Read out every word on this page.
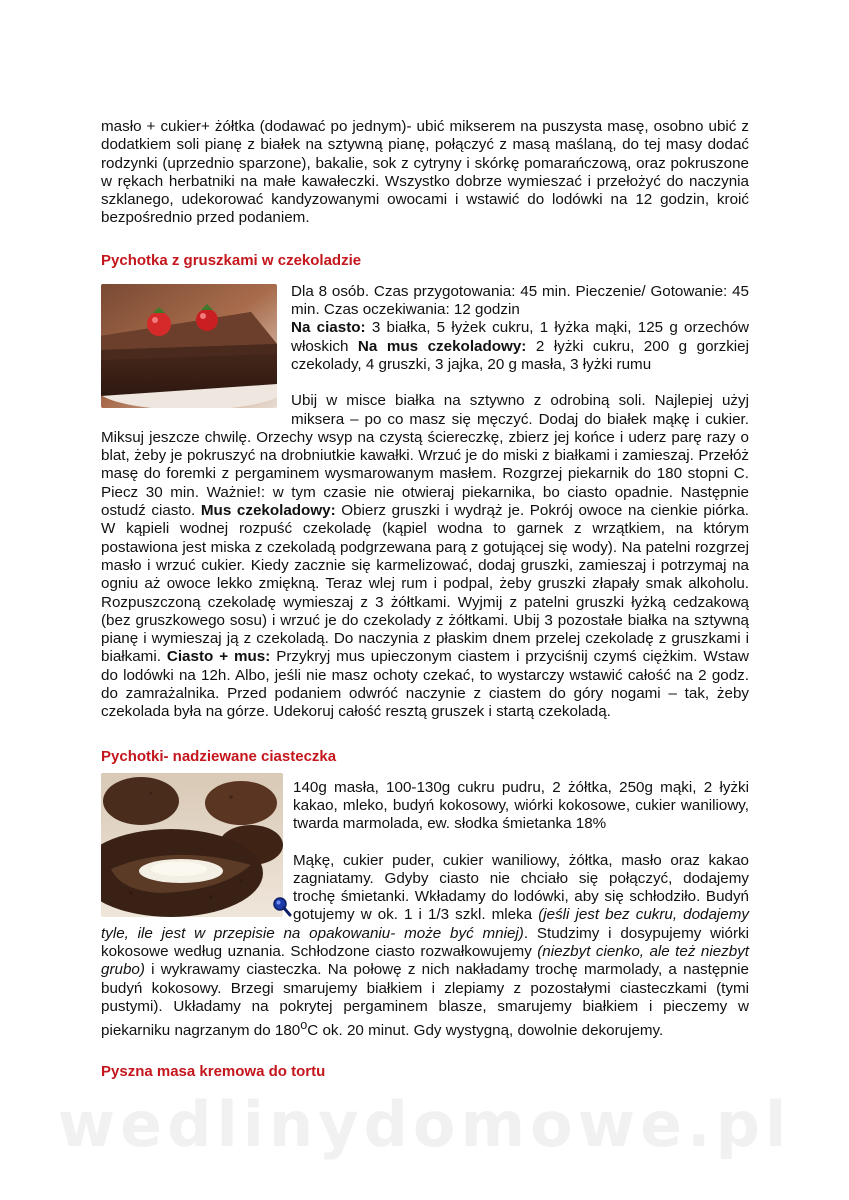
masło + cukier+ żółtka (dodawać po jednym)- ubić mikserem na puszysta masę, osobno ubić z dodatkiem soli pianę z białek na sztywną pianę, połączyć z masą maślaną, do tej masy dodać rodzynki (uprzednio sparzone), bakalie, sok z cytryny i skórkę pomarańczową, oraz pokruszone w rękach herbatniki na małe kawałeczki. Wszystko dobrze wymieszać i przełożyć do naczynia szklanego, udekorować kandyzowanymi owocami i wstawić do lodówki na 12 godzin, kroić bezpośrednio przed podaniem.

Pychotka z gruszkami w czekoladzie

Dla 8 osób. Czas przygotowania: 45 min. Pieczenie/ Gotowanie: 45 min. Czas oczekiwania: 12 godzin

Na ciasto: 3 białka, 5 łyżek cukru, 1 łyżka mąki, 125 g orzechów włoskich Na mus czekoladowy: 2 łyżki cukru, 200 g gorzkiej czekolady, 4 gruszki, 3 jajka, 20 g masła, 3 łyżki rumu

Ubij w misce białka na sztywno z odrobiną soli. Najlepiej użyj miksera – po co masz się męczyć. Dodaj do białek mąkę i cukier. Miksuj jeszcze chwilę. Orzechy wsyp na czystą ściereczkę, zbierz jej końce i uderz parę razy o blat, żeby je pokruszyć na drobniutkie kawałki. Wrzuć je do miski z białkami i zamieszaj. Przełóż masę do foremki z pergaminem wysmarowanym masłem. Rozgrzej piekarnik do 180 stopni C. Piecz 30 min. Ważnie!: w tym czasie nie otwieraj piekarnika, bo ciasto opadnie. Następnie ostudź ciasto. Mus czekoladowy: Obierz gruszki i wydrąż je. Pokrój owoce na cienkie piórka. W kąpieli wodnej rozpuść czekoladę (kąpiel wodna to garnek z wrzątkiem, na którym postawiona jest miska z czekoladą podgrzewana parą z gotującej się wody). Na patelni rozgrzej masło i wrzuć cukier. Kiedy zacznie się karmelizować, dodaj gruszki, zamieszaj i potrzymaj na ogniu aż owoce lekko zmiękną. Teraz wlej rum i podpal, żeby gruszki złapały smak alkoholu. Rozpuszczoną czekoladę wymieszaj z 3 żółtkami. Wyjmij z patelni gruszki łyżką cedzakową (bez gruszkowego sosu) i wrzuć je do czekolady z żółtkami. Ubij 3 pozostałe białka na sztywną pianę i wymieszaj ją z czekoladą. Do naczynia z płaskim dnem przelej czekoladę z gruszkami i białkami. Ciasto + mus: Przykryj mus upieczonym ciastem i przyciśnij czymś ciężkim. Wstaw do lodówki na 12h. Albo, jeśli nie masz ochoty czekać, to wystarczy wstawić całość na 2 godz. do zamrażalnika. Przed podaniem odwróć naczynie z ciastem do góry nogami – tak, żeby czekolada była na górze. Udekoruj całość resztą gruszek i startą czekoladą.

Pychotki- nadziewane ciasteczka

140g masła, 100-130g cukru pudru, 2 żółtka, 250g mąki, 2 łyżki kakao, mleko, budyń kokosowy, wiórki kokosowe, cukier waniliowy, twarda marmolada, ew. słodka śmietanka 18%

Mąkę, cukier puder, cukier waniliowy, żółtka, masło oraz kakao zagniatamy. Gdyby ciasto nie chciało się połączyć, dodajemy trochę śmietanki. Wkładamy do lodówki, aby się schłodziło. Budyń gotujemy w ok. 1 i 1/3 szkl. mleka (jeśli jest bez cukru, dodajemy tyle, ile jest w przepisie na opakowaniu- może być mniej). Studzimy i dosypujemy wiórki kokosowe według uznania. Schłodzone ciasto rozwałkowujemy (niezbyt cienko, ale też niezbyt grubo) i wykrawamy ciasteczka. Na połowę z nich nakładamy trochę marmolady, a następnie budyń kokosowy. Brzegi smarujemy białkiem i zlepiamy z pozostałymi ciasteczkami (tymi pustymi). Układamy na pokrytej pergaminem blasze, smarujemy białkiem i pieczemy w piekarniku nagrzanym do 180$^o$C ok. 20 minut. Gdy wystygną, dowolnie dekorujemy.

Pyszna masa kremowa do tortu
wedlinydomowe.pl
